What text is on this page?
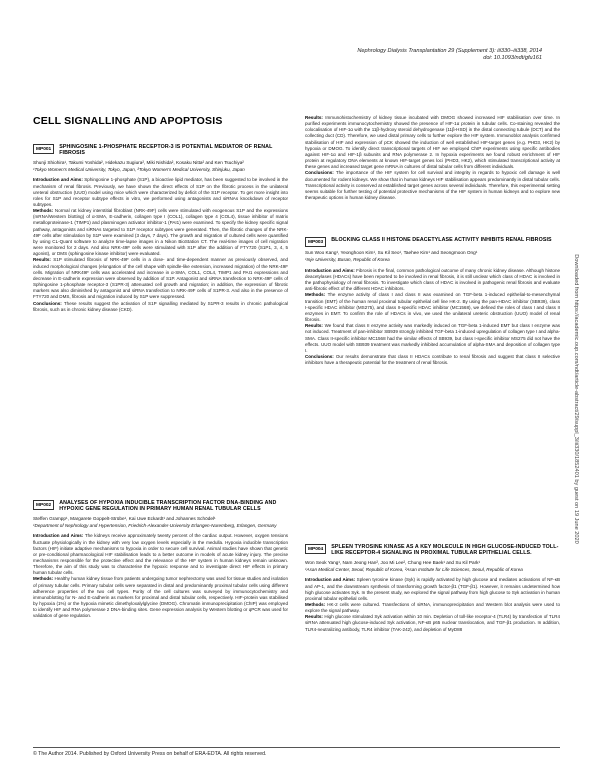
Nephrology Dialysis Transplantation 29 (Supplement 3): iii330–iii338, 2014
doi: 10.1093/ndt/gfu161
CELL SIGNALLING AND APOPTOSIS
MP001	SPHINGOSINE 1-PHOSPHATE RECEPTOR-3 IS POTENTIAL MEDIATOR OF RENAL FIBROSIS
Shunji Shiohira¹, Takumi Yoshida², Hidekazu Sugiura², Miki Nishida², Kosaku Nitta² and Ken Tsuchiya²
¹Tokyo Women's Medical University, Tokyo, Japan, ²Tokyo Women's Medical University, Shinjuku, Japan

Introduction and Aims: Sphingosine 1-phosphate (S1P), a bioactive lipid mediator, has been suggested to be involved in the mechanism of renal fibrosis. Previously, we have shown the direct effects of S1P on the fibrotic process in the unilateral ureteral obstruction (UUO) model using mice which were characterized by deficit of the S1P receptor. To get more insight into roles for S1P and receptor subtype effects in vitro, we performed using antagonists and siRNAs knockdown of receptor subtypes.

Methods: Normal rat kidney interstitial fibroblast (NRK-49F) cells were stimulated with exogenous S1P and the expressions (mRNA/Western blotting) of α-SMA, E-cadherin, collagen type I (COL1), collagen type 4 (COL4), tissue inhibitor of matrix metalloproteinase-1 (TIMP1) and plasminogen activator inhibitor-1 (PAI1) were examined. To specify the kidney specific signal pathway, antagonists and siRNAs targeted to S1P receptor subtypes were generated. Then, the fibrotic changes of the NRK-49F cells after stimulation by S1P were examined (3 days, 7 days). The growth and migration of cultured cells were quantified by using CL-Quant software to analyze time-lapse images in a Nikon BioStation CT. The real-time images of cell migration were monitored for 2 days. And also NRK-49F cells were stimulated with S1P after the addition of FTY720 (S1P1, 3, 4, 5 agonist), or DMS (sphingosine kinase inhibitor) were evaluated.

Results: S1P stimulated fibrosis of NRK-49F cells in a dose- and time-dependent manner as previously observed, and induced morphological changes (elongation of the cell shape with spindle-like extension, increased migration) of the NRK-49F cells. Migration of NRK49F cells was accelerated and increase in α-SMA, COL1, COL4, TIMP1 and PAI1 expressions and decrease in E-cadherin expression were observed by addition of S1P. Antagonist and siRNA transfection to NRK-49F cells of Sphingosine 1-phosphate receptor-3 (S1PR-3) attenuated cell growth and migration; in addition, the expression of fibrotic markers was also diminished by antagonist and siRNA transfection to NRK-49F cells of S1PR-3. And also in the presence of FTY720 and DMS, fibrosis and migration induced by S1P were suppressed.

Conclusions: These results suggest the activation of S1P signalling mediated by S1PR-3 results in chronic pathological fibrosis, such as in chronic kidney disease (CKD).

MP002	ANALYSES OF HYPOXIA INDUCIBLE TRANSCRIPTION FACTOR DNA-BINDING AND HYPOXIC GENE REGULATION IN PRIMARY HUMAN RENAL TUBULAR CELLS
Steffen Grampp¹, Margarete Goppelt-Strübe¹, Kai Uwe Eckardt¹ and Johannes Schödel¹
¹Department of Nephrology and Hypertension, Friedrich-Alexander-University Erlangen-Nuremberg, Erlangen, Germany

Introduction and Aims: The kidneys receive approximately twenty percent of the cardiac output. However, oxygen tensions fluctuate physiologically in the kidney with very low oxygen levels especially in the medulla. Hypoxia inducible transcription factors (HIF) initiate adaptive mechanisms to hypoxia in order to secure cell survival. Animal studies have shown that genetic or pre-conditional pharmacological HIF stabilisation leads to a better outcome in models of acute kidney injury. The precise mechanisms responsible for the protective effect and the relevance of the HIF system in human kidneys remain unknown. Therefore, the aim of this study was to characterise the hypoxic response and to investigate direct HIF effects in primary human tubular cells.

Methods: Healthy human kidney tissue from patients undergoing tumor nephrectomy was used for tissue studies and isolation of primary tubular cells. Primary tubular cells were separated in distal and predominantly proximal tubular cells using different adherence properties of the two cell types. Purity of the cell cultures was surveyed by immunocytochemistry and immunoblotting for N- and E-cadherin as markers for proximal and distal tubular cells, respectively. HIF-protein was stabilised by hypoxia (1%) or the hypoxia mimetic dimethyloxalylglycine (DMOG). Chromatin immunoprecipitation (ChIP) was employed to identify HIF and RNA polymerase 2 DNA-binding sites. Gene expression analysis by Western blotting or qPCR was used for validation of gene regulation.

Results: Immunohistochemistry of kidney tissue incubated with DMOG showed increased HIF stabilisation over time. In purified experiments immunocytochemistry showed the presence of HIF-1α protein in tubular cells. Co-staining revealed the colocalisation of HIF-1α with the 11β-hydroxy steroid dehydrogenase (11β-HSD) in the distal connecting tubule (DCT) and the collecting duct (CD). Therefore, we used distal primary cells to further explore the HIF system. Immunoblot analysis confirmed stabilisation of HIF and expression of pCK showed the induction of well established HIF-target genes (e.g. PHD3, HK2) by hypoxia or DMOG. To identify direct transcriptional targets of HIF we employed ChIP experiments using specific antibodies against HIF-1α and HIF-1β subunits and RNA polymerase 2. In hypoxia experiments we found robust enrichment of HIF protein at regulatory DNA elements at known HIF-target genes loci (PHD3, HK2), which stimulated transcriptional activity at these genes and increased target gene mRNA in cultures of distal tubular cells from different individuals.

Conclusions: The importance of the HIF system for cell survival and integrity in regards to hypoxic cell damage is well documented for rodent kidneys. We show that in human kidneys HIF stabilisation appears predominantly in distal tubular cells. Transcriptional activity is conserved at established target genes across several individuals. Therefore, this experimental setting seems suitable for further testing of potential protective mechanisms of the HIF system in human kidneys and to explore new therapeutic options in human kidney disease.

MP003	BLOCKING CLASS II HISTONE DEACETYLASE ACTIVITY INHIBITS RENAL FIBROSIS
Sun Woo Kang¹, Yeonghoon Kim¹, Su Kil Seo¹, Taehee Kim¹ and Seongmoon Ong¹
¹Inje University, Busan, Republic of Korea

Introduction and Aims: Fibrosis is the final, common pathological outcome of many chronic kidney disease. Although histone deacetylases (HDACs) have been reported to be involved in renal fibrosis, it is still unclear which class of HDAC is involved in the pathophysiology of renal fibrosis. To investigate which class of HDAC is involved in pathogenic renal fibrosis and evaluate anti-fibrotic effect of the different HDAC inhibitors.

Methods: The enzyme activity of class I and class II was examined on TGF-beta 1-induced epithelial-to-mesenchymal transition (EMT) of the human renal proximal tubular epithelial cell line HK-2. By using the pan-HDAC inhibitor (SB939), class I-specific HDAC inhibitor (MS275), and class II-specific HDAC inhibitor (MC1568), we defined the roles of class I and class II enzymes in EMT. To confirm the role of HDACs in vivo, we used the unilateral ureteric obstruction (UUO) model of renal fibrosis.

Results: We found that class II enzyme activity was markedly induced on TGF-beta 1-induced EMT but class I enzyme was not induced. Treatment of pan-inhibitor SB939 strongly inhibited TGF-beta 1-induced upregulation of collagen type I and alpha-SMA. Class II-specific inhibitor MC1568 had the similar effects of SB939, but class I-specific inhibitor MS275 did not have the effects. UUO model with SB939 treatment was markedly inhibited accumulation of alpha-SMA and deposition of collagen type I.

Conclusions: Our results demonstrate that class II HDACs contribute to renal fibrosis and suggest that class II selective inhibitors have a therapeutic potential for the treatment of renal fibrosis.

MP004	SPLEEN TYROSINE KINASE AS A KEY MOLECULE IN HIGH GLUCOSE-INDUCED TOLL-LIKE RECEPTOR-4 SIGNALING IN PROXIMAL TUBULAR EPITHELIAL CELLS.
Won Seok Yang¹, Nam Jeong Han², Joo Mi Lee², Chung Hee Baek¹ and Su Kil Park¹
¹Asan Medical Center, Seoul, Republic of Korea, ²Asan Institute for Life Sciences, Seoul, Republic of Korea

Introduction and Aims: Spleen tyrosine kinase (Syk) is rapidly activated by high glucose and mediates activations of NF-κB and AP-1, and the downstream synthesis of transforming growth factor-β1 (TGF-β1). However, it remains undetermined how high glucose activates Syk. In the present study, we explored the signal pathway from high glucose to Syk activation in human proximal tubular epithelial cells.

Methods: HK-2 cells were cultured. Transfections of siRNA, immunoprecipitation and Western blot analysis were used to explore the signal pathway.

Results: High glucose stimulated Syk activation within 10 min. Depletion of toll-like receptor-4 (TLR4) by transfection of TLR4 siRNA attenuated high glucose-induced Syk activation, NF-κB p65 nuclear translocation, and TGF-β1 production. In addition, TLR4-neutralizing antibody, TLR4 inhibitor (TAK-242), and depletion of MyD88

Downloaded from https://academic.oup.com/ndt/article-abstract/29/suppl_3/iii330/1852401 by guest on 19 June 2020
© The Author 2014. Published by Oxford University Press on behalf of ERA-EDTA. All rights reserved.
